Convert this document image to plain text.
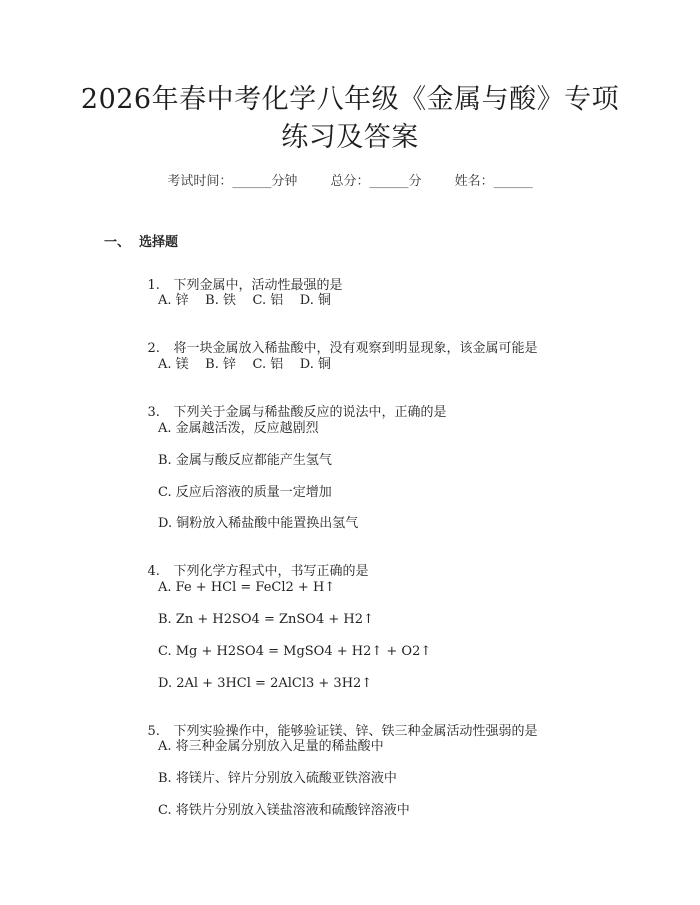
2026年春中考化学八年级《金属与酸》专项
练习及答案
考试时间：______分钟	总分：______分	姓名：______
一、  选择题

1. 下列金属中，活动性最强的是

A. 锌    B. 铁    C. 铝    D. 铜

2. 将一块金属放入稀盐酸中，没有观察到明显现象，该金属可能是

A. 镁    B. 锌    C. 铝    D. 铜

3. 下列关于金属与稀盐酸反应的说法中，正确的是

A. 金属越活泼，反应越剧烈
B. 金属与酸反应都能产生氢气
C. 反应后溶液的质量一定增加
D. 铜粉放入稀盐酸中能置换出氢气

4. 下列化学方程式中，书写正确的是

A. Fe + HCl = FeCl2 + H↑
B. Zn + H2SO4 = ZnSO4 + H2↑
C. Mg + H2SO4 = MgSO4 + H2↑ + O2↑
D. 2Al + 3HCl = 2AlCl3 + 3H2↑

5. 下列实验操作中，能够验证镁、锌、铁三种金属活动性强弱的是

A. 将三种金属分别放入足量的稀盐酸中
B. 将镁片、锌片分别放入硫酸亚铁溶液中
C. 将铁片分别放入镁盐溶液和硫酸锌溶液中
